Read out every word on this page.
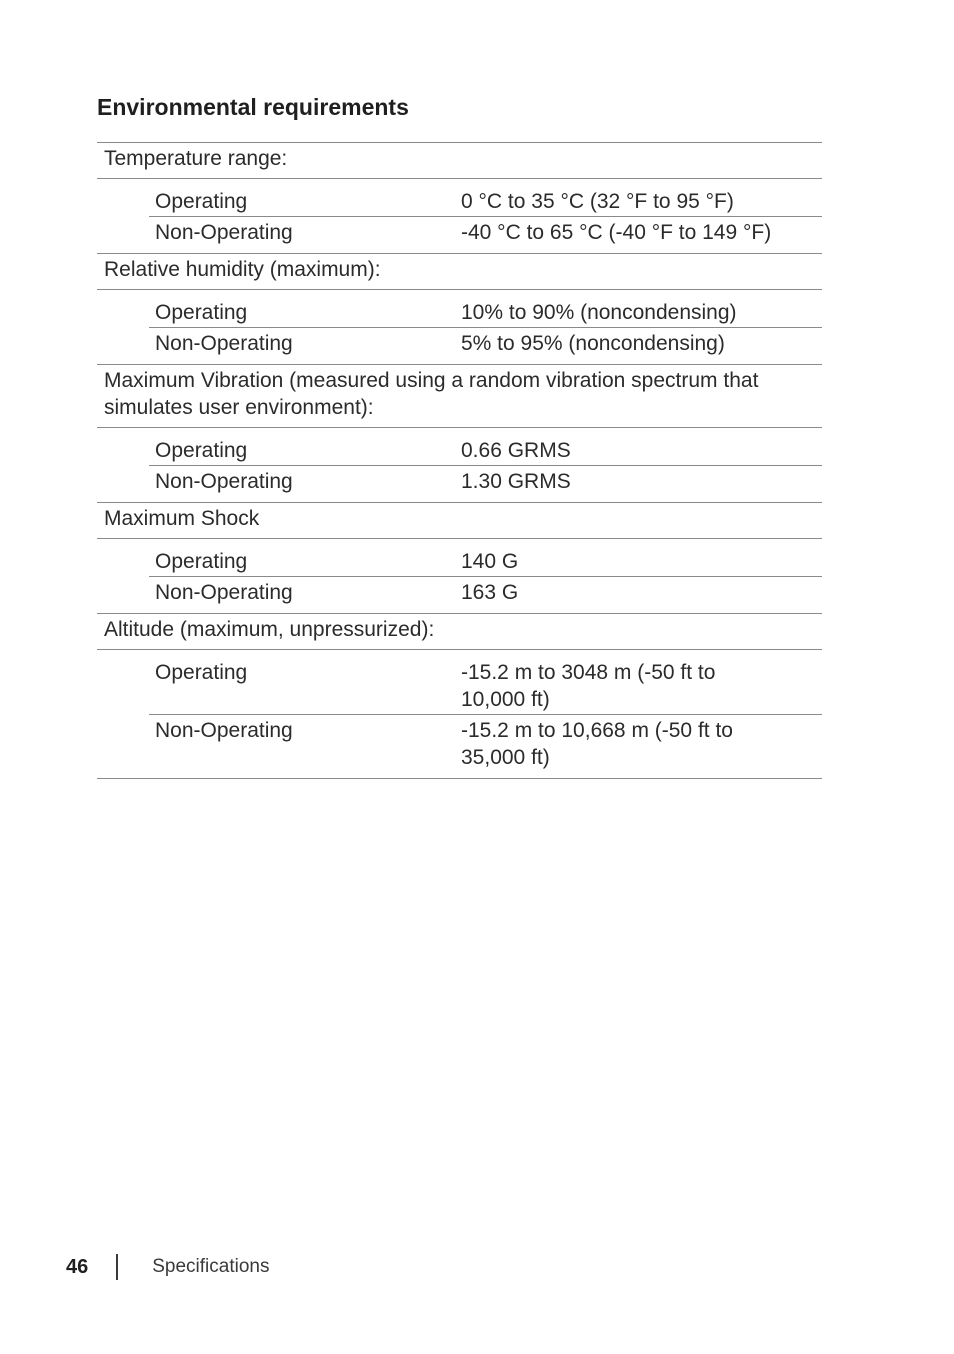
Environmental requirements
Temperature range:
Operating	0 °C to 35 °C (32 °F to 95 °F)
Non-Operating	-40 °C to 65 °C (-40 °F to 149 °F)
Relative humidity (maximum):
Operating	10% to 90% (noncondensing)
Non-Operating	5% to 95% (noncondensing)
Maximum Vibration (measured using a random vibration spectrum that simulates user environment):
Operating	0.66 GRMS
Non-Operating	1.30 GRMS
Maximum Shock
Operating	140 G
Non-Operating	163 G
Altitude (maximum, unpressurized):
Operating	-15.2 m to 3048 m (-50 ft to 10,000 ft)
Non-Operating	-15.2 m to 10,668 m (-50 ft to 35,000 ft)
46	Specifications
